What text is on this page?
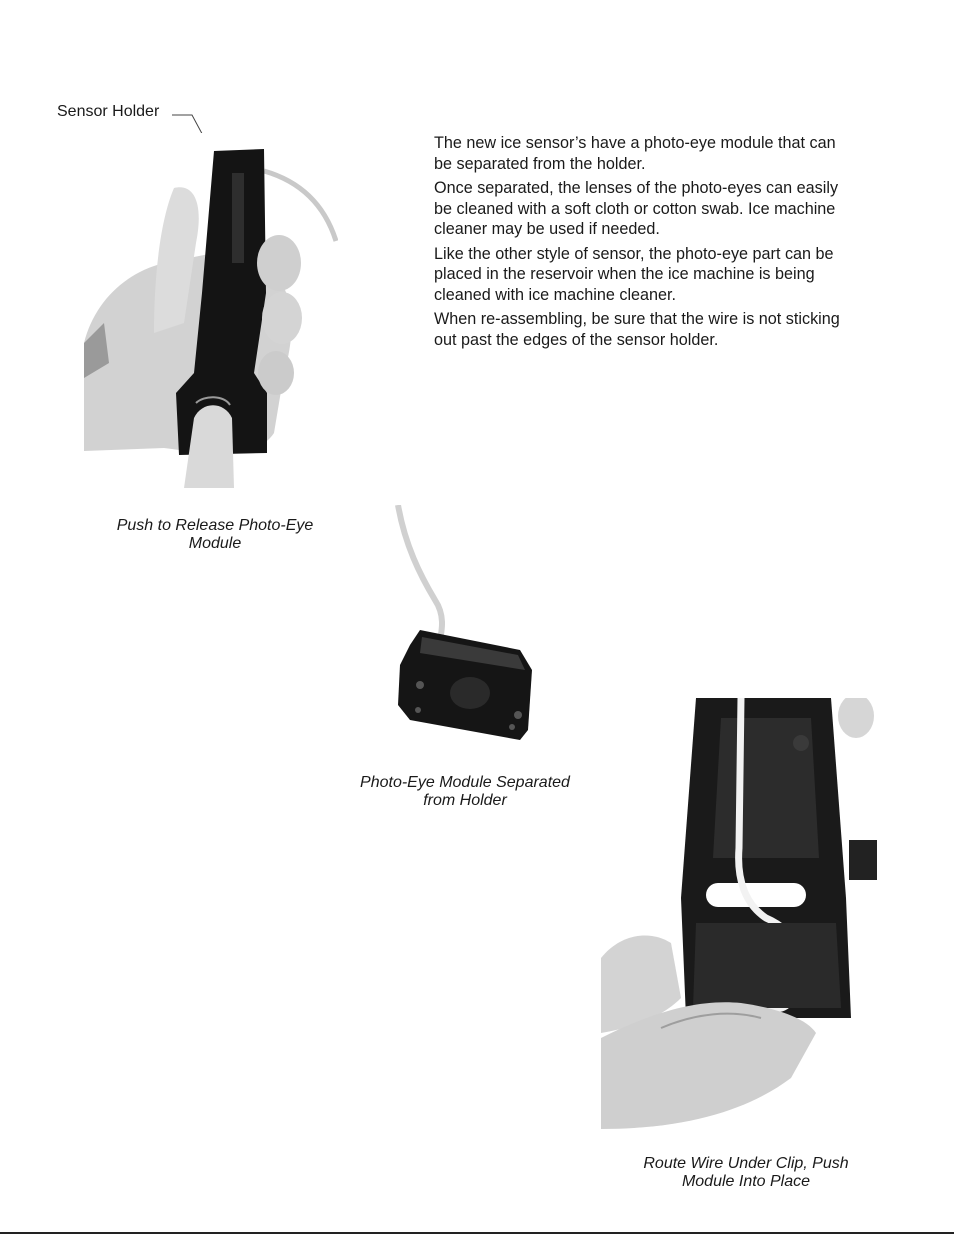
Sensor Holder

The new ice sensor’s have a photo-eye module that can be separated from the holder.

Once separated, the lenses of the photo-eyes can easily be cleaned with a soft cloth or cotton swab. Ice machine cleaner may be used if needed.

Like the other style of sensor, the photo-eye part can be placed in the reservoir when the ice machine is being cleaned with ice machine cleaner.

When re-assembling, be sure that the wire is not sticking out past the edges of the sensor holder.

Push to Release Photo-Eye Module
Photo-Eye Module Separated from Holder
Route Wire Under Clip, Push Module Into Place
